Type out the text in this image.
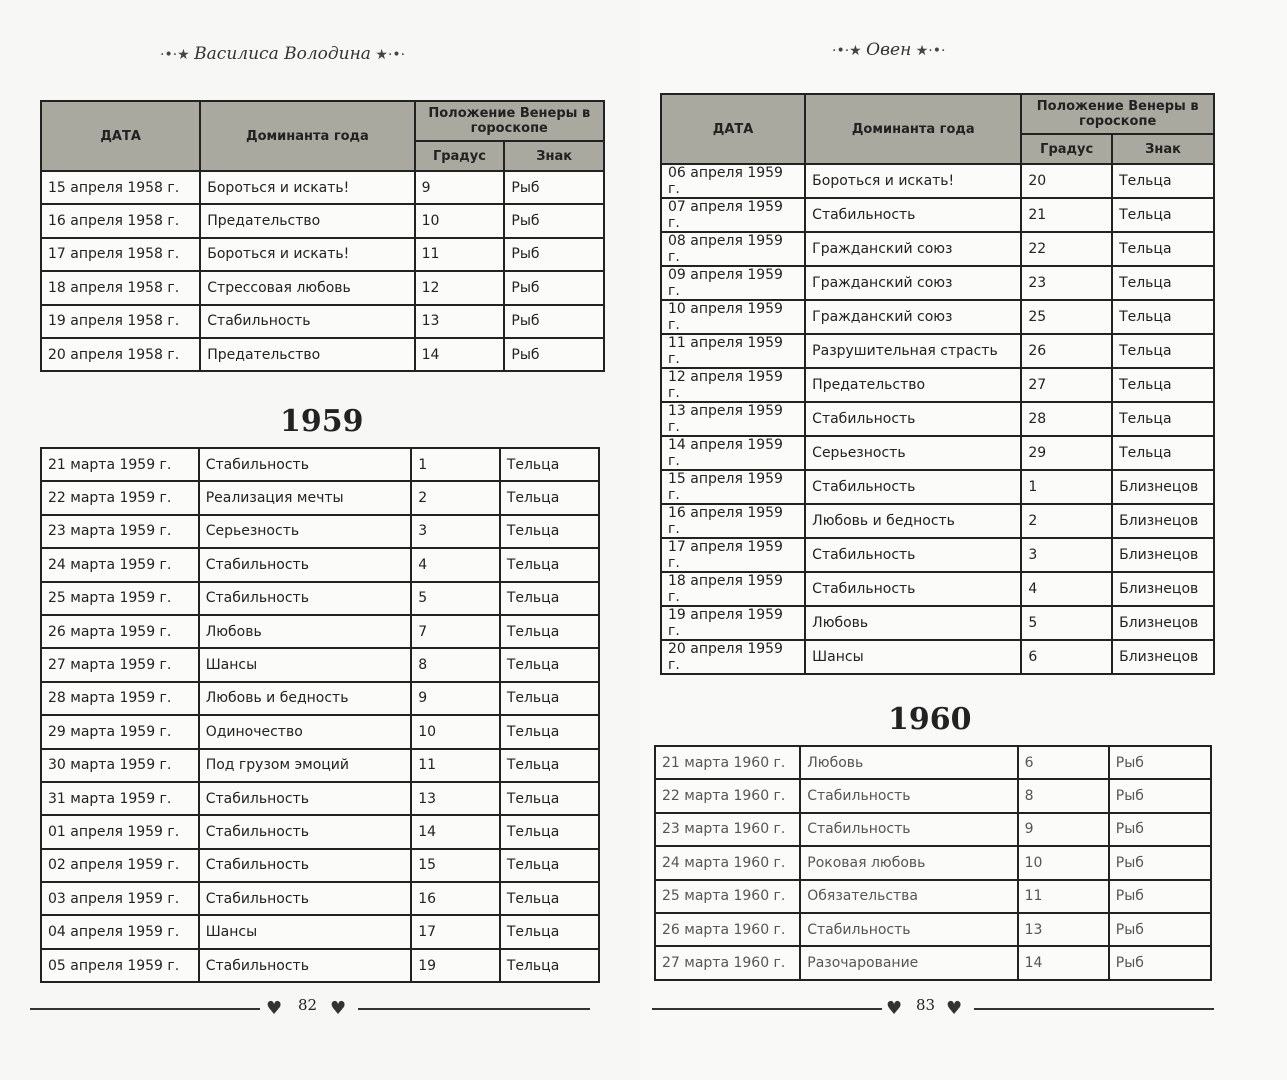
·•·★ Василиса Володина ★·•·
ДАТА	Доминанта года	Положение Венеры в гороскопе	
		Градус	Знак
15 апреля 1958 г.	Бороться и искать!	9	Рыб
16 апреля 1958 г.	Предательство	10	Рыб
17 апреля 1958 г.	Бороться и искать!	11	Рыб
18 апреля 1958 г.	Стрессовая любовь	12	Рыб
19 апреля 1958 г.	Стабильность	13	Рыб
20 апреля 1958 г.	Предательство	14	Рыб
1959
21 марта 1959 г.	Стабильность	1	Тельца
22 марта 1959 г.	Реализация мечты	2	Тельца
23 марта 1959 г.	Серьезность	3	Тельца
24 марта 1959 г.	Стабильность	4	Тельца
25 марта 1959 г.	Стабильность	5	Тельца
26 марта 1959 г.	Любовь	7	Тельца
27 марта 1959 г.	Шансы	8	Тельца
28 марта 1959 г.	Любовь и бедность	9	Тельца
29 марта 1959 г.	Одиночество	10	Тельца
30 марта 1959 г.	Под грузом эмоций	11	Тельца
31 марта 1959 г.	Стабильность	13	Тельца
01 апреля 1959 г.	Стабильность	14	Тельца
02 апреля 1959 г.	Стабильность	15	Тельца
03 апреля 1959 г.	Стабильность	16	Тельца
04 апреля 1959 г.	Шансы	17	Тельца
05 апреля 1959 г.	Стабильность	19	Тельца
♥ 82 ♥
·•·★ Овен ★·•·
ДАТА	Доминанта года	Положение Венеры в гороскопе	
		Градус	Знак
06 апреля 1959 г.	Бороться и искать!	20	Тельца
07 апреля 1959 г.	Стабильность	21	Тельца
08 апреля 1959 г.	Гражданский союз	22	Тельца
09 апреля 1959 г.	Гражданский союз	23	Тельца
10 апреля 1959 г.	Гражданский союз	25	Тельца
11 апреля 1959 г.	Разрушительная страсть	26	Тельца
12 апреля 1959 г.	Предательство	27	Тельца
13 апреля 1959 г.	Стабильность	28	Тельца
14 апреля 1959 г.	Серьезность	29	Тельца
15 апреля 1959 г.	Стабильность	1	Близнецов
16 апреля 1959 г.	Любовь и бедность	2	Близнецов
17 апреля 1959 г.	Стабильность	3	Близнецов
18 апреля 1959 г.	Стабильность	4	Близнецов
19 апреля 1959 г.	Любовь	5	Близнецов
20 апреля 1959 г.	Шансы	6	Близнецов
1960
21 марта 1960 г.	Любовь	6	Рыб
22 марта 1960 г.	Стабильность	8	Рыб
23 марта 1960 г.	Стабильность	9	Рыб
24 марта 1960 г.	Роковая любовь	10	Рыб
25 марта 1960 г.	Обязательства	11	Рыб
26 марта 1960 г.	Стабильность	13	Рыб
27 марта 1960 г.	Разочарование	14	Рыб
♥ 83 ♥
